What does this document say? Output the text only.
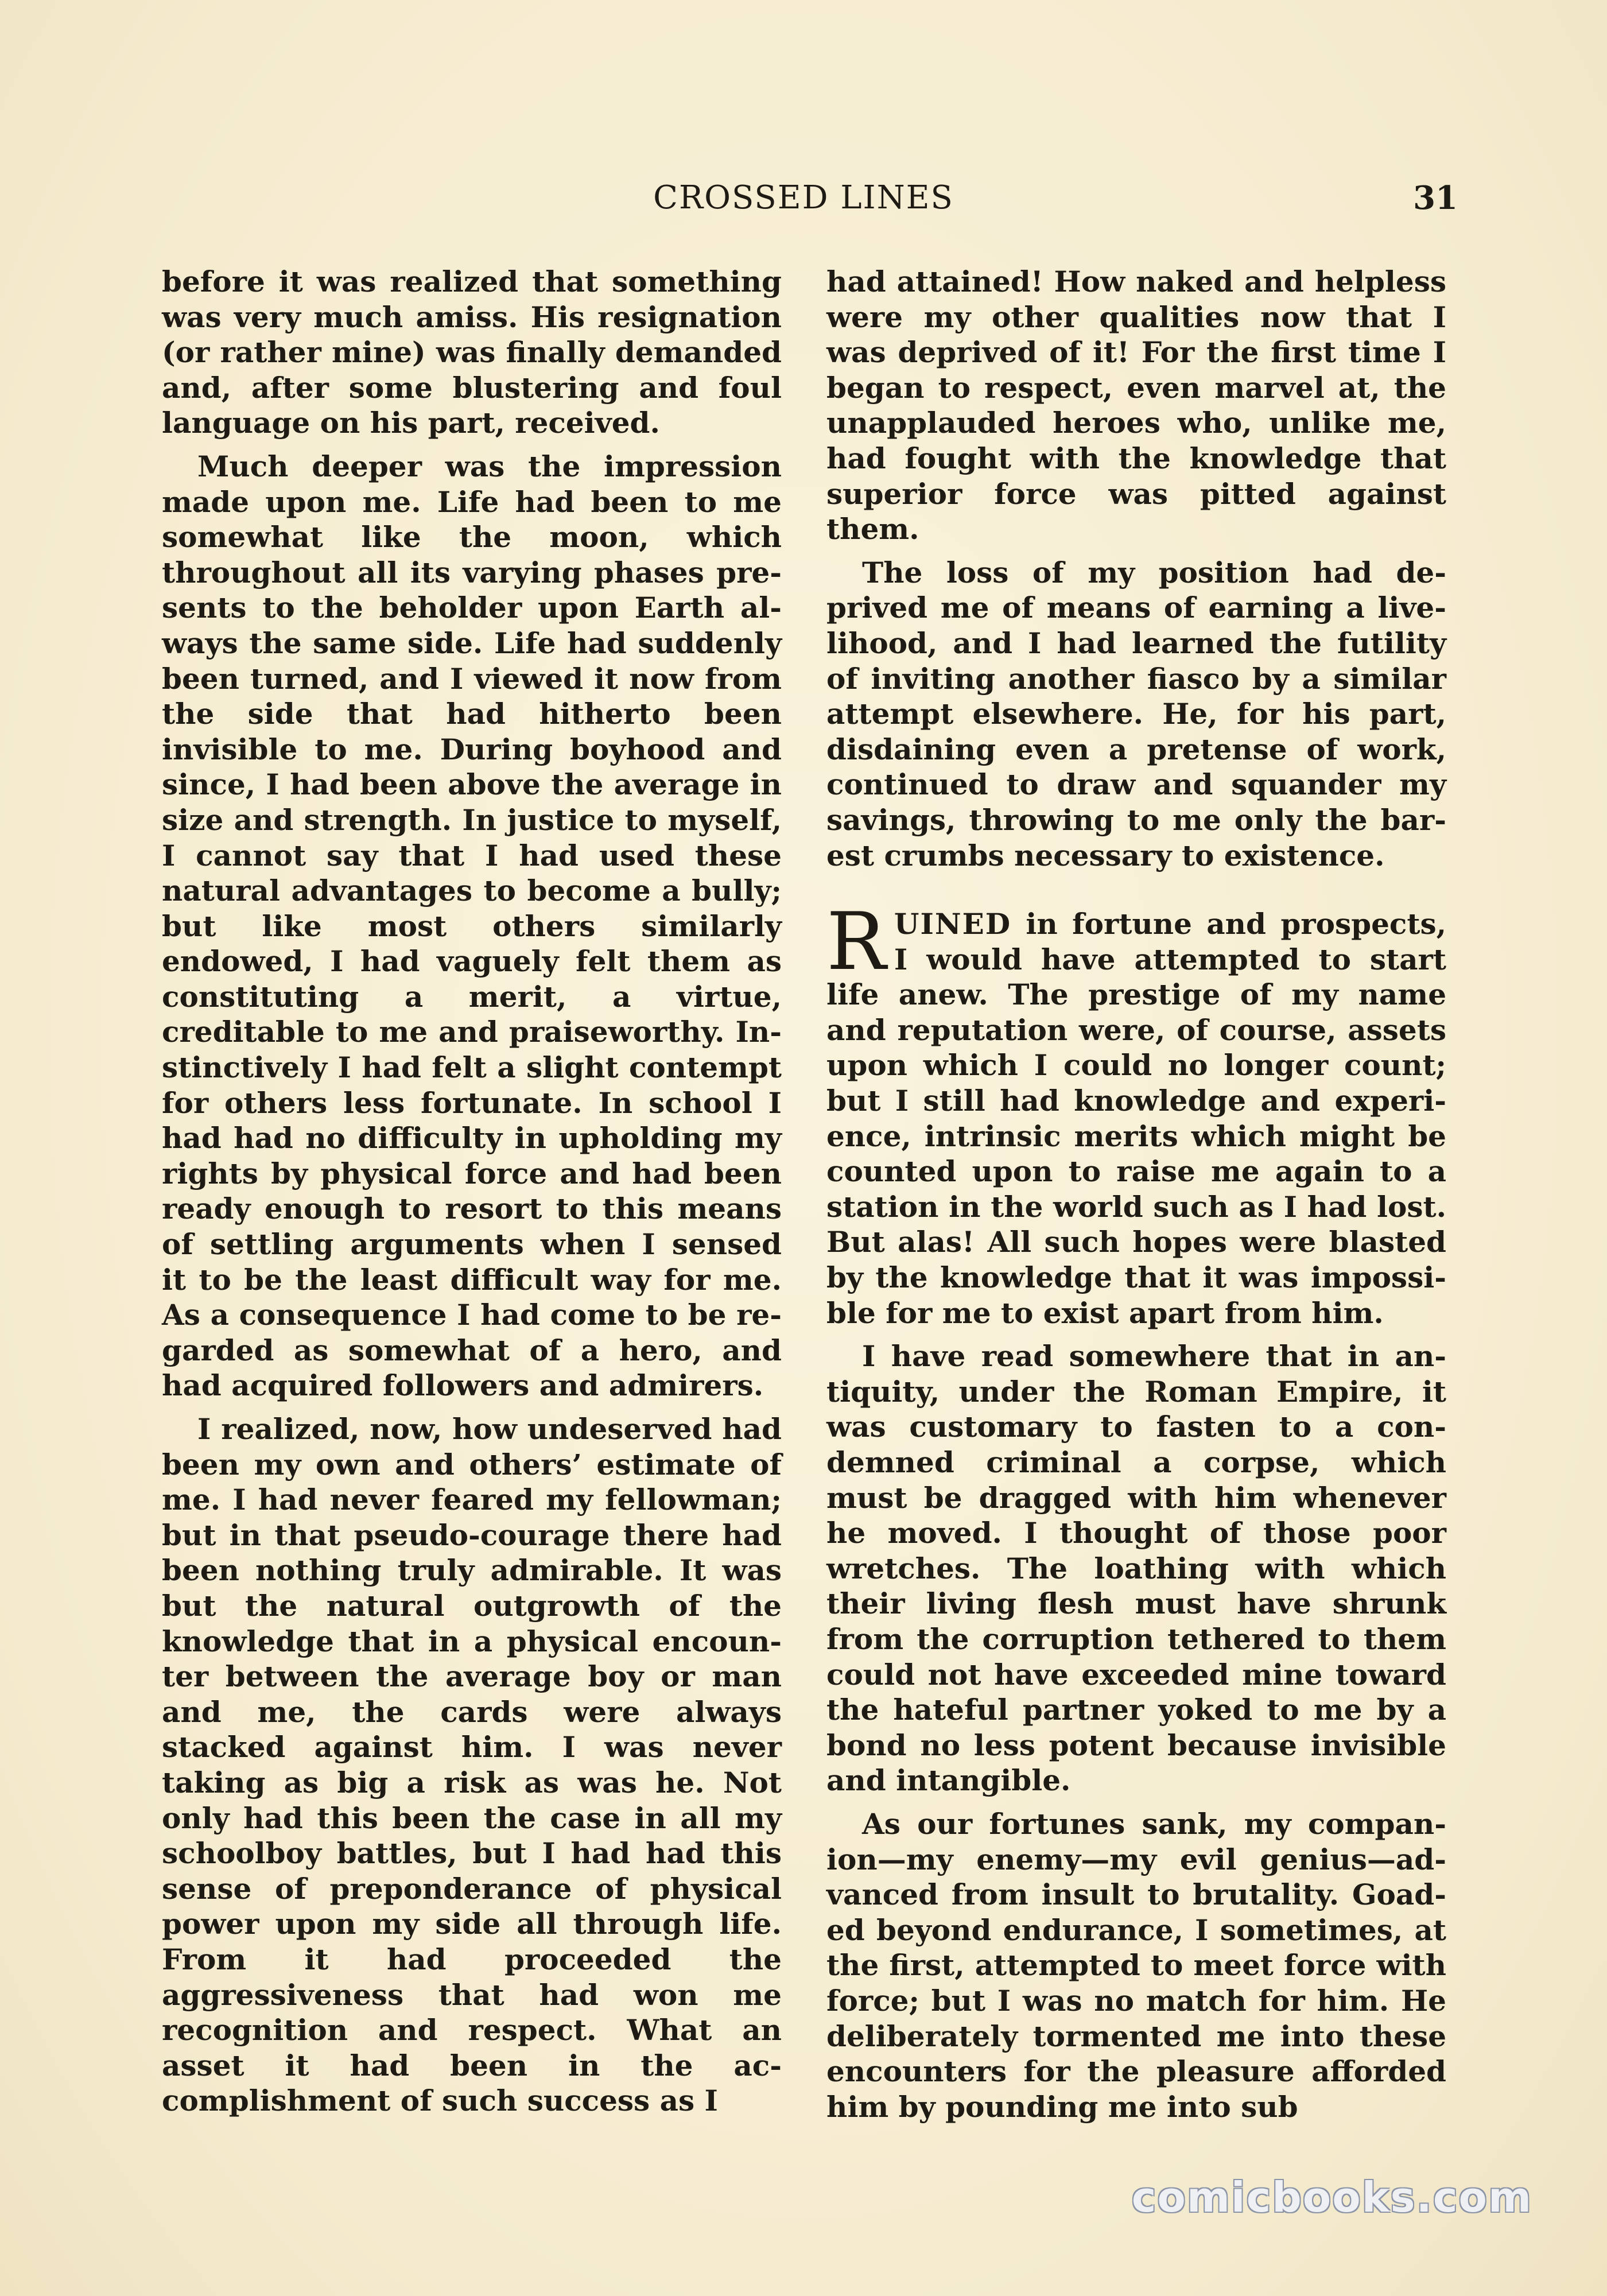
CROSSED LINES	31

before it was realized that something was very much amiss. His resignation (or rather mine) was finally demanded and, after some blustering and foul language on his part, received.

Much deeper was the impression made upon me. Life had been to me somewhat like the moon, which throughout all its varying phases presents to the beholder upon Earth always the same side. Life had suddenly been turned, and I viewed it now from the side that had hitherto been invisible to me. During boyhood and since, I had been above the average in size and strength. In justice to myself, I cannot say that I had used these natural advantages to become a bully; but like most others similarly endowed, I had vaguely felt them as constituting a merit, a virtue, creditable to me and praiseworthy. Instinctively I had felt a slight contempt for others less fortunate. In school I had had no difficulty in upholding my rights by physical force and had been ready enough to resort to this means of settling arguments when I sensed it to be the least difficult way for me. As a consequence I had come to be regarded as somewhat of a hero, and had acquired followers and admirers.

I realized, now, how undeserved had been my own and others’ estimate of me. I had never feared my fellowman; but in that pseudo-courage there had been nothing truly admirable. It was but the natural outgrowth of the knowledge that in a physical encounter between the average boy or man and me, the cards were always stacked against him. I was never taking as big a risk as was he. Not only had this been the case in all my schoolboy battles, but I had had this sense of preponderance of physical power upon my side all through life. From it had proceeded the aggressiveness that had won me recognition and respect. What an asset it had been in the accomplishment of such success as I

had attained! How naked and helpless were my other qualities now that I was deprived of it! For the first time I began to respect, even marvel at, the unapplauded heroes who, unlike me, had fought with the knowledge that superior force was pitted against them.

The loss of my position had deprived me of means of earning a livelihood, and I had learned the futility of inviting another fiasco by a similar attempt elsewhere. He, for his part, disdaining even a pretense of work, continued to draw and squander my savings, throwing to me only the barest crumbs necessary to existence.

RUINED in fortune and prospects, I would have attempted to start life anew. The prestige of my name and reputation were, of course, assets upon which I could no longer count; but I still had knowledge and experience, intrinsic merits which might be counted upon to raise me again to a station in the world such as I had lost. But alas! All such hopes were blasted by the knowledge that it was impossible for me to exist apart from him.

I have read somewhere that in antiquity, under the Roman Empire, it was customary to fasten to a condemned criminal a corpse, which must be dragged with him whenever he moved. I thought of those poor wretches. The loathing with which their living flesh must have shrunk from the corruption tethered to them could not have exceeded mine toward the hateful partner yoked to me by a bond no less potent because invisible and intangible.

As our fortunes sank, my companion—my enemy—my evil genius—advanced from insult to brutality. Goaded beyond endurance, I sometimes, at the first, attempted to meet force with force; but I was no match for him. He deliberately tormented me into these encounters for the pleasure afforded him by pounding me into sub

comicbooks.com
